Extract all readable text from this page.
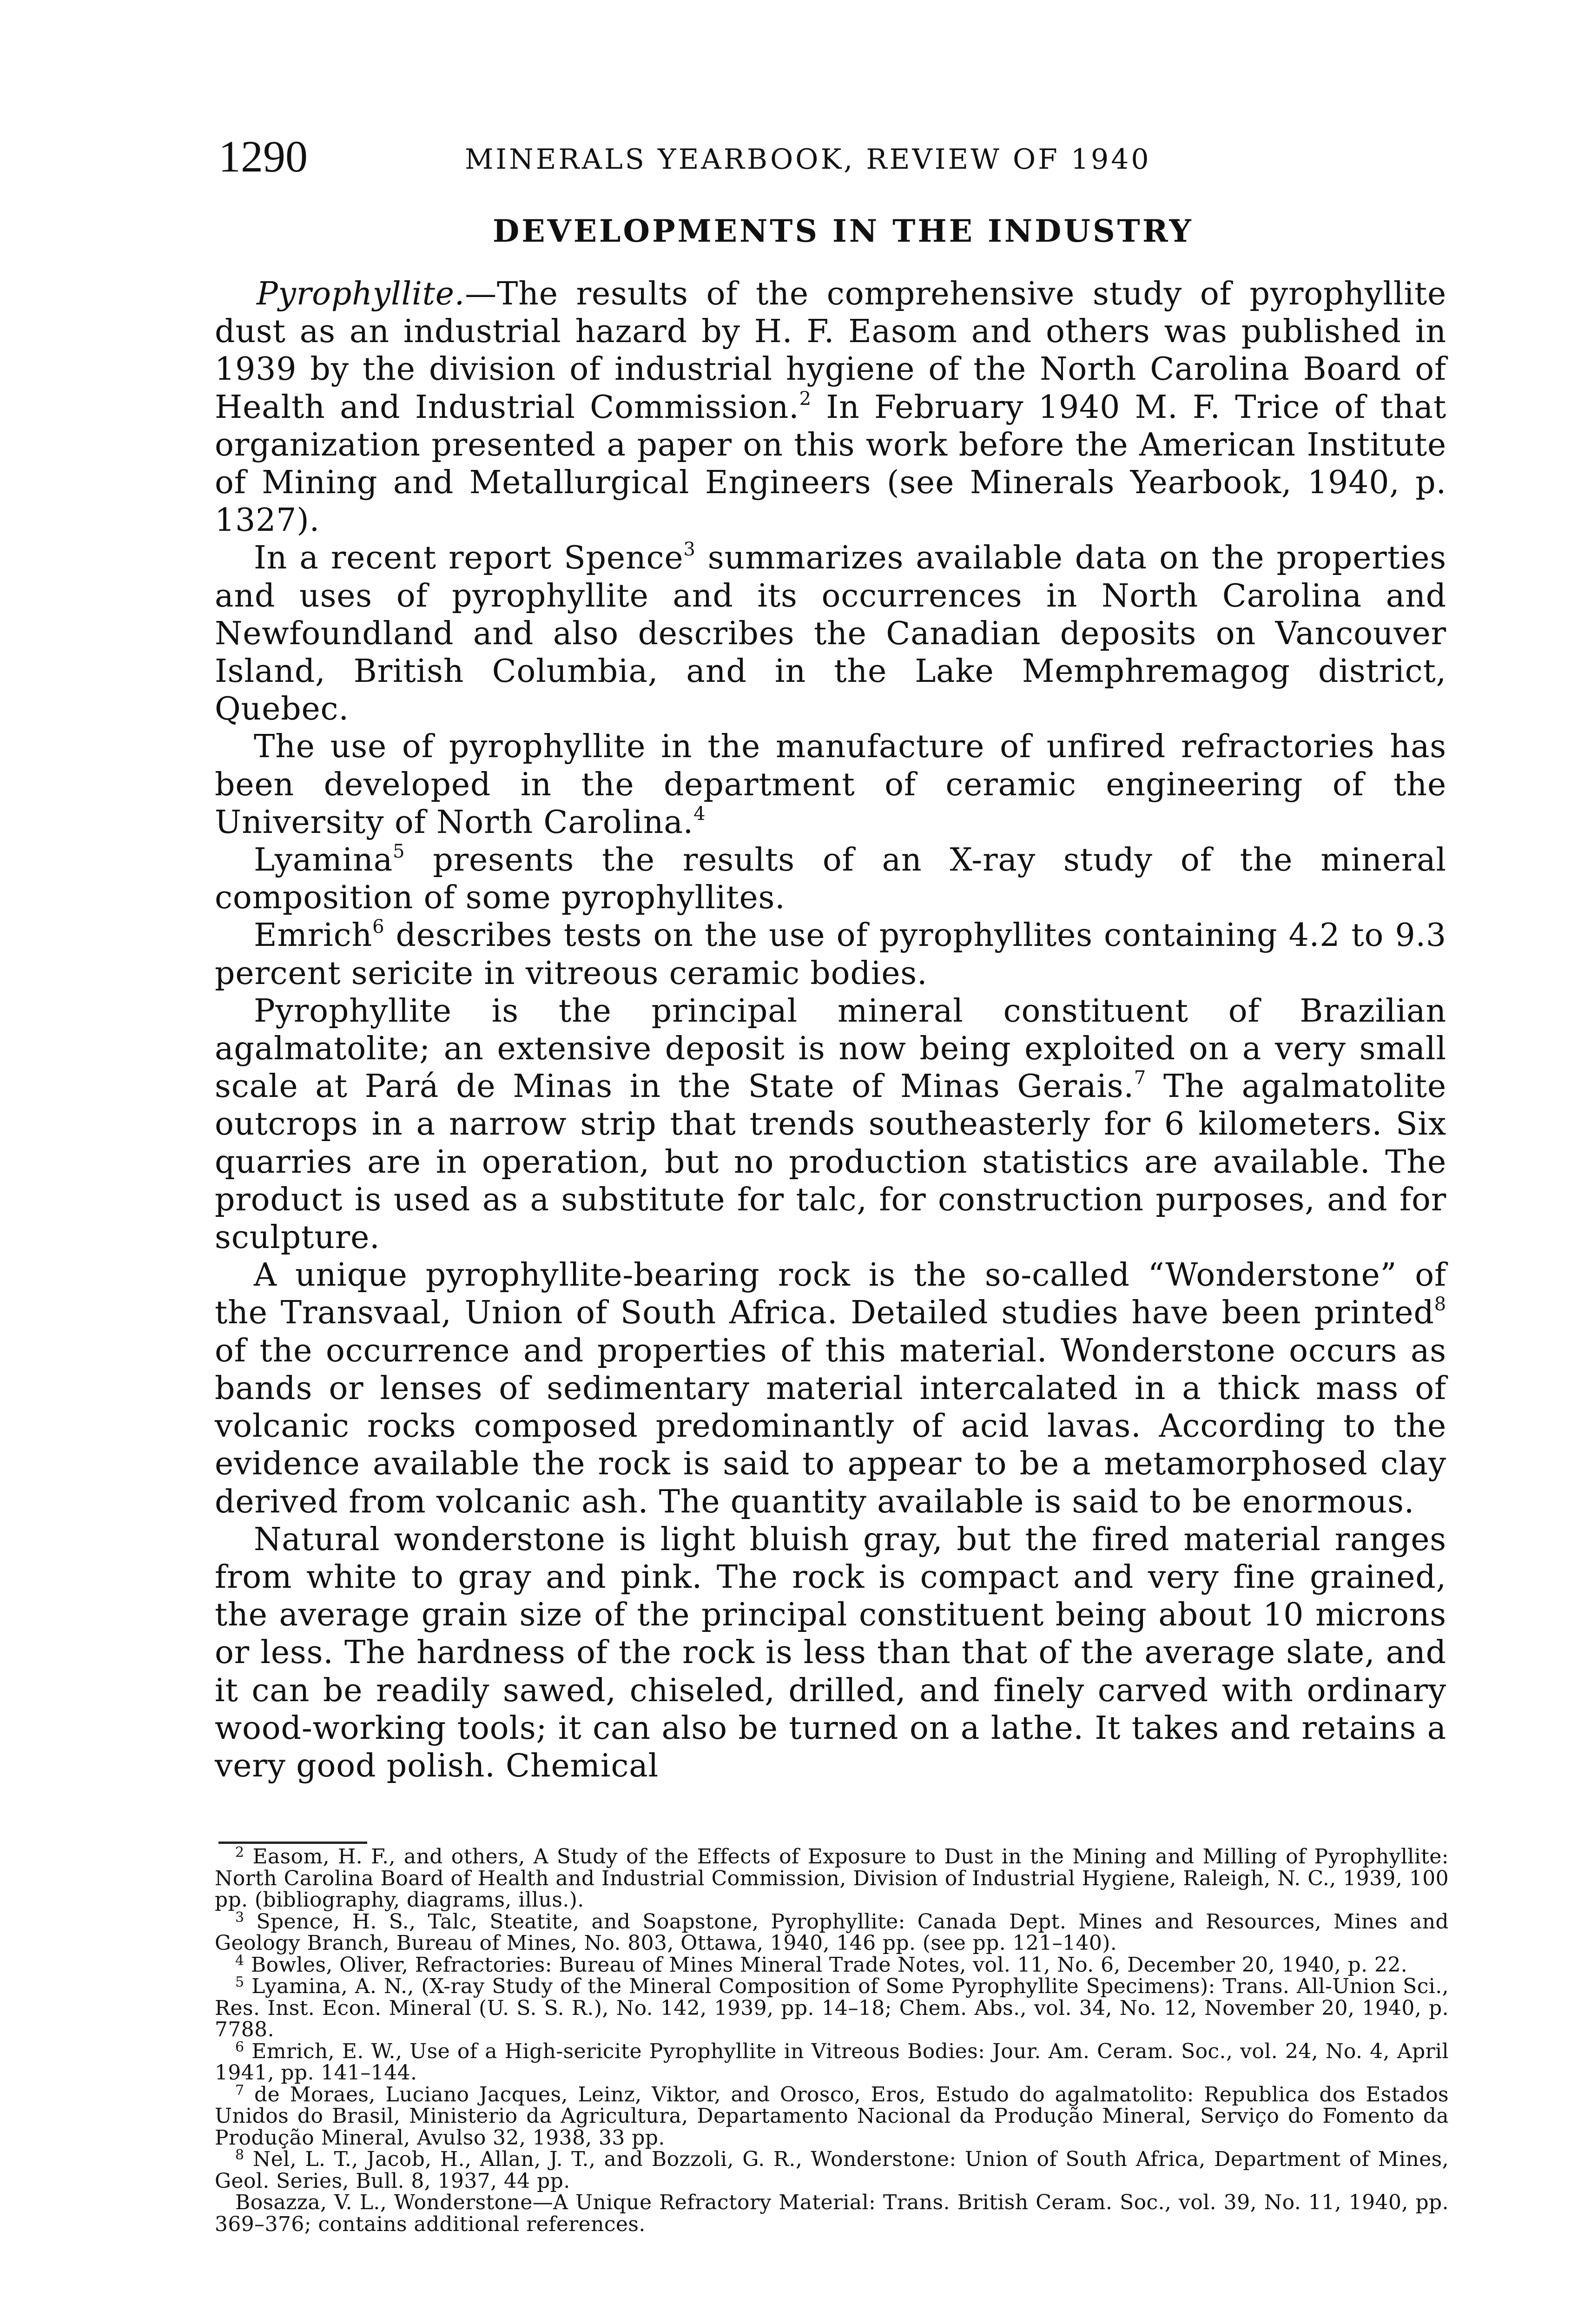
1290	MINERALS YEARBOOK, REVIEW OF 1940
DEVELOPMENTS IN THE INDUSTRY

Pyrophyllite.—The results of the comprehensive study of pyrophyllite dust as an industrial hazard by H. F. Easom and others was published in 1939 by the division of industrial hygiene of the North Carolina Board of Health and Industrial Commission.$^2$ In February 1940 M. F. Trice of that organization presented a paper on this work before the American Institute of Mining and Metallurgical Engineers (see Minerals Yearbook, 1940, p. 1327).

In a recent report Spence$^3$ summarizes available data on the properties and uses of pyrophyllite and its occurrences in North Carolina and Newfoundland and also describes the Canadian deposits on Vancouver Island, British Columbia, and in the Lake Memphremagog district, Quebec.

The use of pyrophyllite in the manufacture of unfired refractories has been developed in the department of ceramic engineering of the University of North Carolina.$^4$

Lyamina$^5$ presents the results of an X-ray study of the mineral composition of some pyrophyllites.

Emrich$^6$ describes tests on the use of pyrophyllites containing 4.2 to 9.3 percent sericite in vitreous ceramic bodies.

Pyrophyllite is the principal mineral constituent of Brazilian agalmatolite; an extensive deposit is now being exploited on a very small scale at Pará de Minas in the State of Minas Gerais.$^7$ The agalmatolite outcrops in a narrow strip that trends southeasterly for 6 kilometers. Six quarries are in operation, but no production statistics are available. The product is used as a substitute for talc, for construction purposes, and for sculpture.

A unique pyrophyllite-bearing rock is the so-called “Wonderstone” of the Transvaal, Union of South Africa. Detailed studies have been printed$^8$ of the occurrence and properties of this material. Wonderstone occurs as bands or lenses of sedimentary material intercalated in a thick mass of volcanic rocks composed predominantly of acid lavas. According to the evidence available the rock is said to appear to be a metamorphosed clay derived from volcanic ash. The quantity available is said to be enormous.

Natural wonderstone is light bluish gray, but the fired material ranges from white to gray and pink. The rock is compact and very fine grained, the average grain size of the principal constituent being about 10 microns or less. The hardness of the rock is less than that of the average slate, and it can be readily sawed, chiseled, drilled, and finely carved with ordinary wood-working tools; it can also be turned on a lathe. It takes and retains a very good polish. Chemical

$^2$ Easom, H. F., and others, A Study of the Effects of Exposure to Dust in the Mining and Milling of Pyrophyllite: North Carolina Board of Health and Industrial Commission, Division of Industrial Hygiene, Raleigh, N. C., 1939, 100 pp. (bibliography, diagrams, illus.).

$^3$ Spence, H. S., Talc, Steatite, and Soapstone, Pyrophyllite: Canada Dept. Mines and Resources, Mines and Geology Branch, Bureau of Mines, No. 803, Ottawa, 1940, 146 pp. (see pp. 121–140).

$^4$ Bowles, Oliver, Refractories: Bureau of Mines Mineral Trade Notes, vol. 11, No. 6, December 20, 1940, p. 22.

$^5$ Lyamina, A. N., (X-ray Study of the Mineral Composition of Some Pyrophyllite Specimens): Trans. All-Union Sci., Res. Inst. Econ. Mineral (U. S. S. R.), No. 142, 1939, pp. 14–18; Chem. Abs., vol. 34, No. 12, November 20, 1940, p. 7788.

$^6$ Emrich, E. W., Use of a High-sericite Pyrophyllite in Vitreous Bodies: Jour. Am. Ceram. Soc., vol. 24, No. 4, April 1941, pp. 141–144.

$^7$ de Moraes, Luciano Jacques, Leinz, Viktor, and Orosco, Eros, Estudo do agalmatolito: Republica dos Estados Unidos do Brasil, Ministerio da Agricultura, Departamento Nacional da Produção Mineral, Serviço do Fomento da Produção Mineral, Avulso 32, 1938, 33 pp.

$^8$ Nel, L. T., Jacob, H., Allan, J. T., and Bozzoli, G. R., Wonderstone: Union of South Africa, Department of Mines, Geol. Series, Bull. 8, 1937, 44 pp.

Bosazza, V. L., Wonderstone—A Unique Refractory Material: Trans. British Ceram. Soc., vol. 39, No. 11, 1940, pp. 369–376; contains additional references.
